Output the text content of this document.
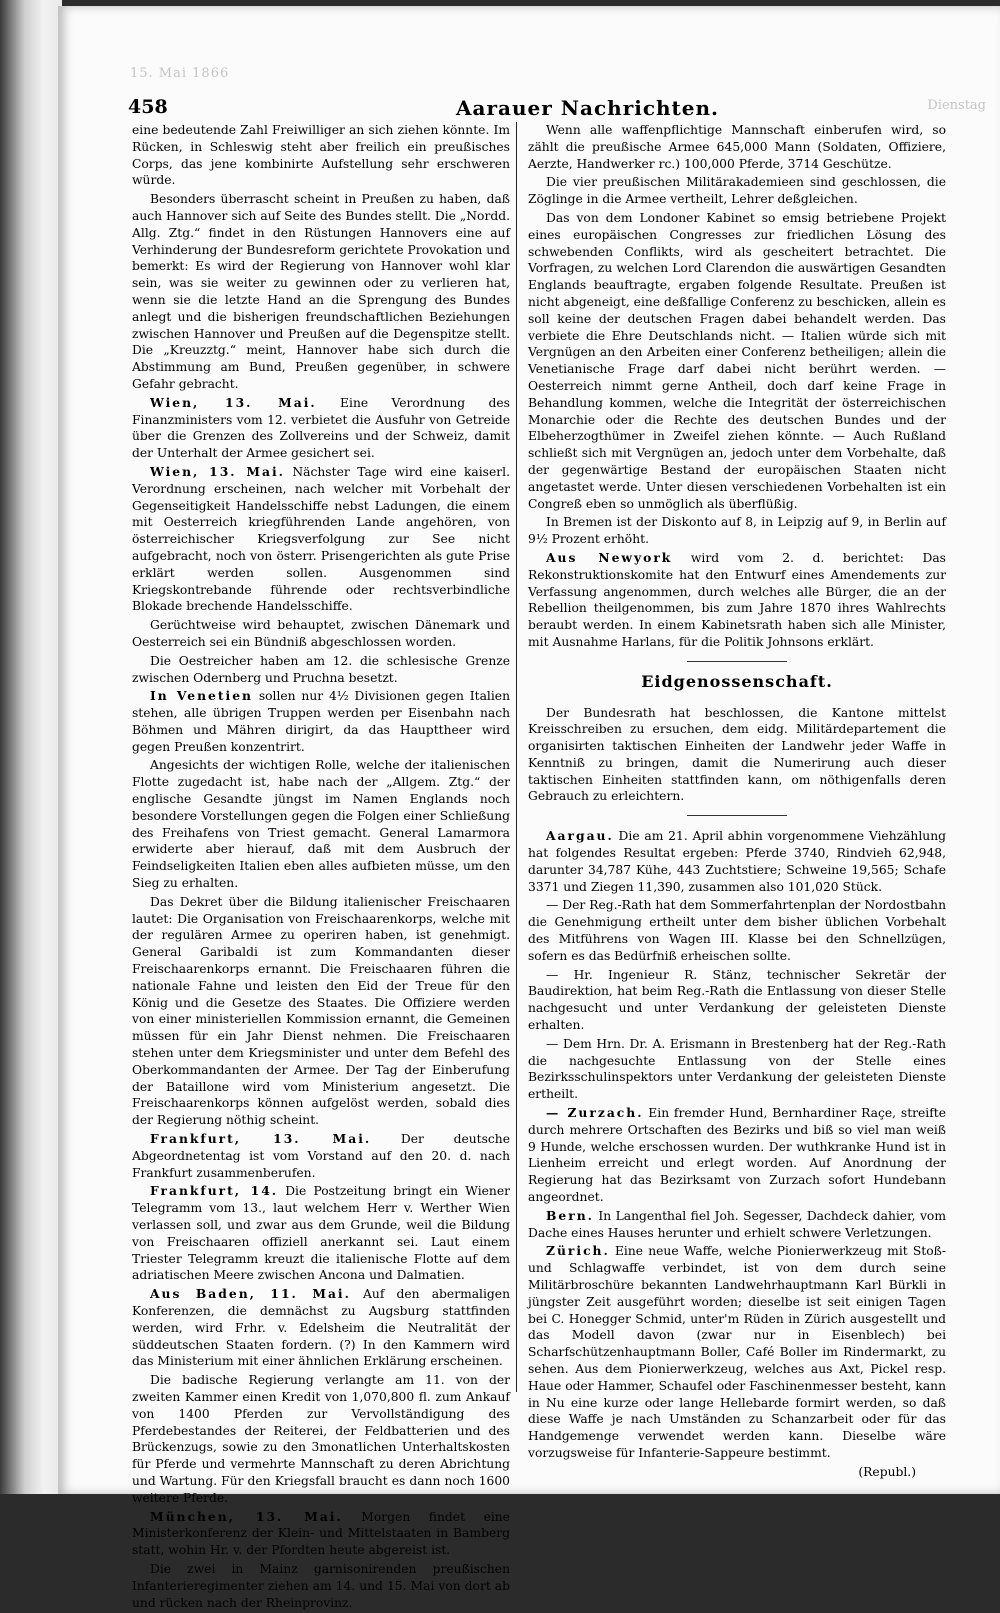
15. Mai 1866
Dienstag
458	Aarauer Nachrichten.

eine bedeutende Zahl Freiwilliger an sich ziehen könnte. Im Rücken, in Schleswig steht aber freilich ein preußisches Corps, das jene kombinirte Aufstellung sehr erschweren würde.

Besonders überrascht scheint in Preußen zu haben, daß auch Hannover sich auf Seite des Bundes stellt. Die „Nordd. Allg. Ztg.“ findet in den Rüstungen Hannovers eine auf Verhinderung der Bundesreform gerichtete Provokation und bemerkt: Es wird der Regierung von Hannover wohl klar sein, was sie weiter zu gewinnen oder zu verlieren hat, wenn sie die letzte Hand an die Sprengung des Bundes anlegt und die bisherigen freundschaftlichen Beziehungen zwischen Hannover und Preußen auf die Degenspitze stellt. Die „Kreuzztg.“ meint, Hannover habe sich durch die Abstimmung am Bund, Preußen gegenüber, in schwere Gefahr gebracht.

Wien, 13. Mai. Eine Verordnung des Finanzministers vom 12. verbietet die Ausfuhr von Getreide über die Grenzen des Zollvereins und der Schweiz, damit der Unterhalt der Armee gesichert sei.

Wien, 13. Mai. Nächster Tage wird eine kaiserl. Verordnung erscheinen, nach welcher mit Vorbehalt der Gegenseitigkeit Handelsschiffe nebst Ladungen, die einem mit Oesterreich kriegführenden Lande angehören, von österreichischer Kriegsverfolgung zur See nicht aufgebracht, noch von österr. Prisengerichten als gute Prise erklärt werden sollen. Ausgenommen sind Kriegskontrebande führende oder rechtsverbindliche Blokade brechende Handelsschiffe.

Gerüchtweise wird behauptet, zwischen Dänemark und Oesterreich sei ein Bündniß abgeschlossen worden.

Die Oestreicher haben am 12. die schlesische Grenze zwischen Odernberg und Pruchna besetzt.

In Venetien sollen nur 4½ Divisionen gegen Italien stehen, alle übrigen Truppen werden per Eisenbahn nach Böhmen und Mähren dirigirt, da das Haupttheer wird gegen Preußen konzentrirt.

Angesichts der wichtigen Rolle, welche der italienischen Flotte zugedacht ist, habe nach der „Allgem. Ztg.“ der englische Gesandte jüngst im Namen Englands noch besondere Vorstellungen gegen die Folgen einer Schließung des Freihafens von Triest gemacht. General Lamarmora erwiderte aber hierauf, daß mit dem Ausbruch der Feindseligkeiten Italien eben alles aufbieten müsse, um den Sieg zu erhalten.

Das Dekret über die Bildung italienischer Freischaaren lautet: Die Organisation von Freischaarenkorps, welche mit der regulären Armee zu operiren haben, ist genehmigt. General Garibaldi ist zum Kommandanten dieser Freischaarenkorps ernannt. Die Freischaaren führen die nationale Fahne und leisten den Eid der Treue für den König und die Gesetze des Staates. Die Offiziere werden von einer ministeriellen Kommission ernannt, die Gemeinen müssen für ein Jahr Dienst nehmen. Die Freischaaren stehen unter dem Kriegsminister und unter dem Befehl des Oberkommandanten der Armee. Der Tag der Einberufung der Bataillone wird vom Ministerium angesetzt. Die Freischaarenkorps können aufgelöst werden, sobald dies der Regierung nöthig scheint.

Frankfurt, 13. Mai. Der deutsche Abgeordnetentag ist vom Vorstand auf den 20. d. nach Frankfurt zusammenberufen.

Frankfurt, 14. Die Postzeitung bringt ein Wiener Telegramm vom 13., laut welchem Herr v. Werther Wien verlassen soll, und zwar aus dem Grunde, weil die Bildung von Freischaaren offiziell anerkannt sei. Laut einem Triester Telegramm kreuzt die italienische Flotte auf dem adriatischen Meere zwischen Ancona und Dalmatien.

Aus Baden, 11. Mai. Auf den abermaligen Konferenzen, die demnächst zu Augsburg stattfinden werden, wird Frhr. v. Edelsheim die Neutralität der süddeutschen Staaten fordern. (?) In den Kammern wird das Ministerium mit einer ähnlichen Erklärung erscheinen.

Die badische Regierung verlangte am 11. von der zweiten Kammer einen Kredit von 1,070,800 fl. zum Ankauf von 1400 Pferden zur Vervollständigung des Pferdebestandes der Reiterei, der Feldbatterien und des Brückenzugs, sowie zu den 3monatlichen Unterhaltskosten für Pferde und vermehrte Mannschaft zu deren Abrichtung und Wartung. Für den Kriegsfall braucht es dann noch 1600 weitere Pferde.

München, 13. Mai. Morgen findet eine Ministerkonferenz der Klein- und Mittelstaaten in Bamberg statt, wohin Hr. v. der Pfordten heute abgereist ist.

Die zwei in Mainz garnisonirenden preußischen Infanterieregimenter ziehen am 14. und 15. Mai von dort ab und rücken nach der Rheinprovinz.

Wenn alle waffenpflichtige Mannschaft einberufen wird, so zählt die preußische Armee 645,000 Mann (Soldaten, Offiziere, Aerzte, Handwerker rc.) 100,000 Pferde, 3714 Geschütze.

Die vier preußischen Militärakademieen sind geschlossen, die Zöglinge in die Armee vertheilt, Lehrer deßgleichen.

Das von dem Londoner Kabinet so emsig betriebene Projekt eines europäischen Congresses zur friedlichen Lösung des schwebenden Conflikts, wird als gescheitert betrachtet. Die Vorfragen, zu welchen Lord Clarendon die auswärtigen Gesandten Englands beauftragte, ergaben folgende Resultate. Preußen ist nicht abgeneigt, eine deßfallige Conferenz zu beschicken, allein es soll keine der deutschen Fragen dabei behandelt werden. Das verbiete die Ehre Deutschlands nicht. — Italien würde sich mit Vergnügen an den Arbeiten einer Conferenz betheiligen; allein die Venetianische Frage darf dabei nicht berührt werden. — Oesterreich nimmt gerne Antheil, doch darf keine Frage in Behandlung kommen, welche die Integrität der österreichischen Monarchie oder die Rechte des deutschen Bundes und der Elbeherzogthümer in Zweifel ziehen könnte. — Auch Rußland schließt sich mit Vergnügen an, jedoch unter dem Vorbehalte, daß der gegenwärtige Bestand der europäischen Staaten nicht angetastet werde. Unter diesen verschiedenen Vorbehalten ist ein Congreß eben so unmöglich als überflüßig.

In Bremen ist der Diskonto auf 8, in Leipzig auf 9, in Berlin auf 9½ Prozent erhöht.

Aus Newyork wird vom 2. d. berichtet: Das Rekonstruktionskomite hat den Entwurf eines Amendements zur Verfassung angenommen, durch welches alle Bürger, die an der Rebellion theilgenommen, bis zum Jahre 1870 ihres Wahlrechts beraubt werden. In einem Kabinetsrath haben sich alle Minister, mit Ausnahme Harlans, für die Politik Johnsons erklärt.

Eidgenossenschaft.

Der Bundesrath hat beschlossen, die Kantone mittelst Kreisschreiben zu ersuchen, dem eidg. Militärdepartement die organisirten taktischen Einheiten der Landwehr jeder Waffe in Kenntniß zu bringen, damit die Numerirung auch dieser taktischen Einheiten stattfinden kann, om nöthigenfalls deren Gebrauch zu erleichtern.

Aargau. Die am 21. April abhin vorgenommene Viehzählung hat folgendes Resultat ergeben: Pferde 3740, Rindvieh 62,948, darunter 34,787 Kühe, 443 Zuchtstiere; Schweine 19,565; Schafe 3371 und Ziegen 11,390, zusammen also 101,020 Stück.

— Der Reg.-Rath hat dem Sommerfahrtenplan der Nordostbahn die Genehmigung ertheilt unter dem bisher üblichen Vorbehalt des Mitführens von Wagen III. Klasse bei den Schnellzügen, sofern es das Bedürfniß erheischen sollte.

— Hr. Ingenieur R. Stänz, technischer Sekretär der Baudirektion, hat beim Reg.-Rath die Entlassung von dieser Stelle nachgesucht und unter Verdankung der geleisteten Dienste erhalten.

— Dem Hrn. Dr. A. Erismann in Brestenberg hat der Reg.-Rath die nachgesuchte Entlassung von der Stelle eines Bezirksschulinspektors unter Verdankung der geleisteten Dienste ertheilt.

— Zurzach. Ein fremder Hund, Bernhardiner Raçe, streifte durch mehrere Ortschaften des Bezirks und biß so viel man weiß 9 Hunde, welche erschossen wurden. Der wuthkranke Hund ist in Lienheim erreicht und erlegt worden. Auf Anordnung der Regierung hat das Bezirksamt von Zurzach sofort Hundebann angeordnet.

Bern. In Langenthal fiel Joh. Segesser, Dachdeck dahier, vom Dache eines Hauses herunter und erhielt schwere Verletzungen.

Zürich. Eine neue Waffe, welche Pionierwerkzeug mit Stoß- und Schlagwaffe verbindet, ist von dem durch seine Militärbroschüre bekannten Landwehrhauptmann Karl Bürkli in jüngster Zeit ausgeführt worden; dieselbe ist seit einigen Tagen bei C. Honegger Schmid, unter'm Rüden in Zürich ausgestellt und das Modell davon (zwar nur in Eisenblech) bei Scharfschützenhauptmann Boller, Café Boller im Rindermarkt, zu sehen. Aus dem Pionierwerkzeug, welches aus Axt, Pickel resp. Haue oder Hammer, Schaufel oder Faschinenmesser besteht, kann in Nu eine kurze oder lange Hellebarde formirt werden, so daß diese Waffe je nach Umständen zu Schanzarbeit oder für das Handgemenge verwendet werden kann. Dieselbe wäre vorzugsweise für Infanterie-Sappeure bestimmt.

(Republ.)
